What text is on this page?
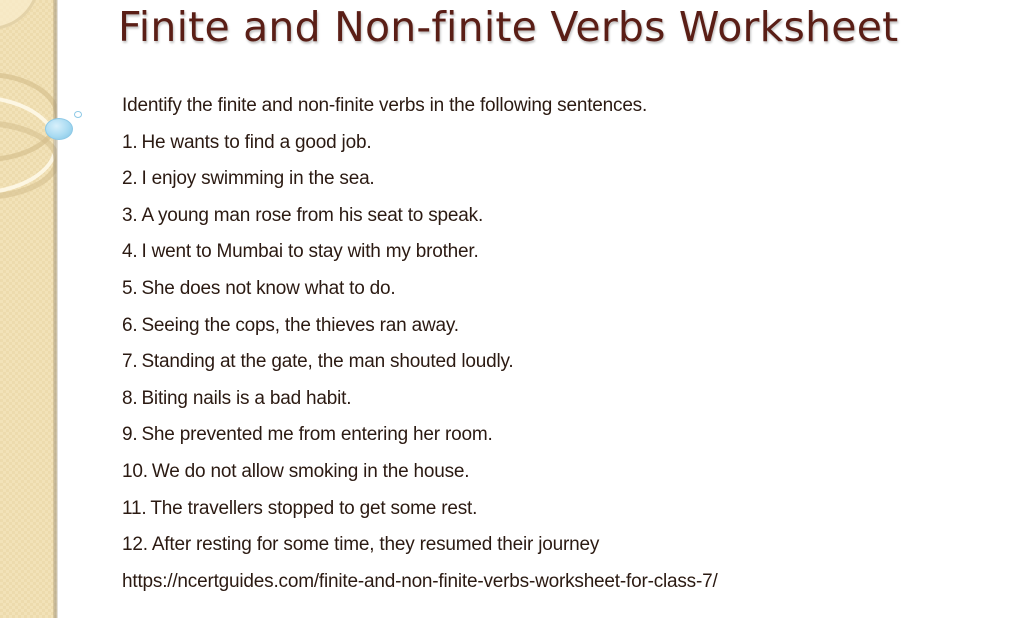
Finite and Non-finite Verbs Worksheet
Identify the finite and non-finite verbs in the following sentences.
1. He wants to find a good job.
2. I enjoy swimming in the sea.
3. A young man rose from his seat to speak.
4. I went to Mumbai to stay with my brother.
5. She does not know what to do.
6. Seeing the cops, the thieves ran away.
7. Standing at the gate, the man shouted loudly.
8. Biting nails is a bad habit.
9. She prevented me from entering her room.
10. We do not allow smoking in the house.
11. The travellers stopped to get some rest.
12. After resting for some time, they resumed their journey
https://ncertguides.com/finite-and-non-finite-verbs-worksheet-for-class-7/
